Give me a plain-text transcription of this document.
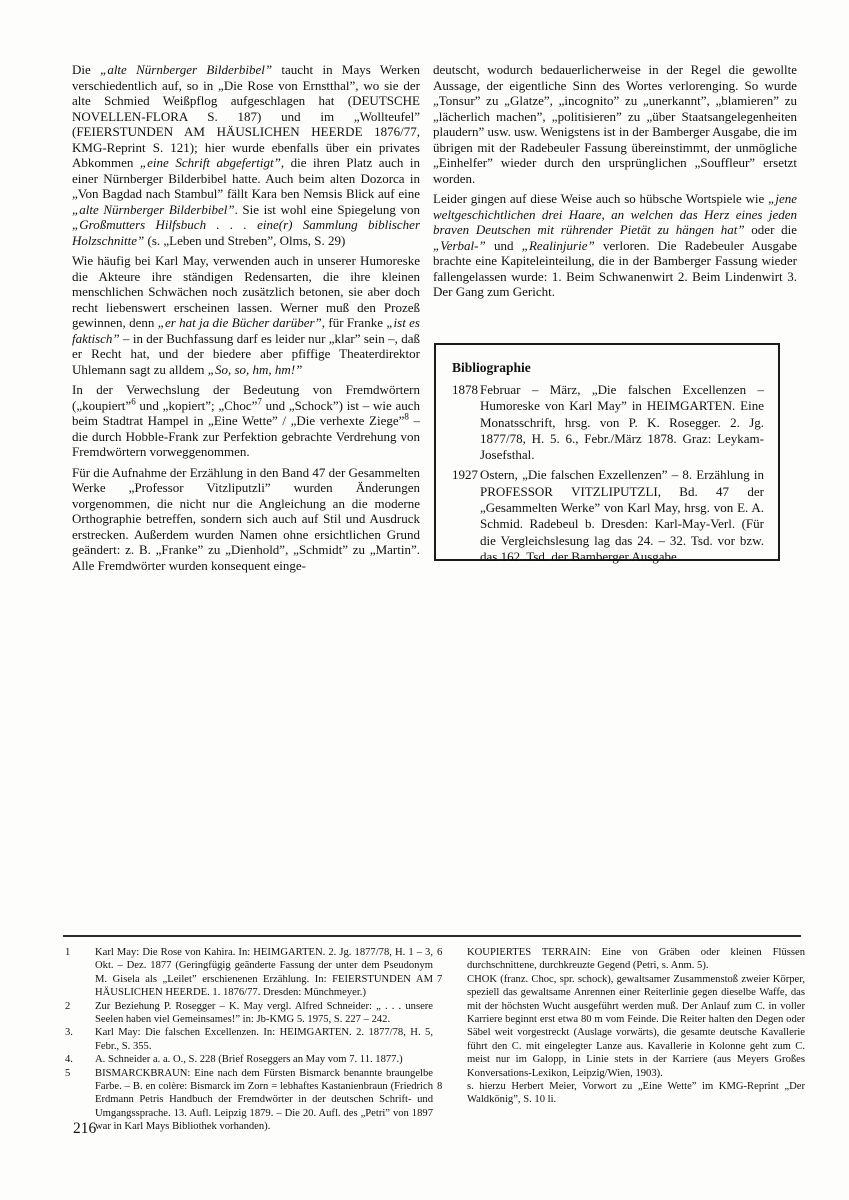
Die „alte Nürnberger Bilderbibel” taucht in Mays Werken verschiedentlich auf, so in „Die Rose von Ernstthal”, wo sie der alte Schmied Weißpflog aufgeschlagen hat (DEUTSCHE NOVELLEN-FLORA S. 187) und im „Wollteufel” (FEIERSTUNDEN AM HÄUSLICHEN HEERDE 1876/77, KMG-Reprint S. 121); hier wurde ebenfalls über ein privates Abkommen „eine Schrift abgefertigt”, die ihren Platz auch in einer Nürnberger Bilderbibel hatte. Auch beim alten Dozorca in „Von Bagdad nach Stambul” fällt Kara ben Nemsis Blick auf eine „alte Nürnberger Bilderbibel”. Sie ist wohl eine Spiegelung von „Großmutters Hilfsbuch . . . eine(r) Sammlung biblischer Holzschnitte” (s. „Leben und Streben”, Olms, S. 29)

Wie häufig bei Karl May, verwenden auch in unserer Humoreske die Akteure ihre ständigen Redensarten, die ihre kleinen menschlichen Schwächen noch zusätzlich betonen, sie aber doch recht liebenswert erscheinen lassen. Werner muß den Prozeß gewinnen, denn „er hat ja die Bücher darüber”, für Franke „ist es faktisch” – in der Buchfassung darf es leider nur „klar” sein –, daß er Recht hat, und der biedere aber pfiffige Theaterdirektor Uhlemann sagt zu alldem „So, so, hm, hm!”

In der Verwechslung der Bedeutung von Fremdwörtern („koupiert”$^6$ und „kopiert”; „Choc”$^7$ und „Schock”) ist – wie auch beim Stadtrat Hampel in „Eine Wette” / „Die verhexte Ziege”$^8$ – die durch Hobble-Frank zur Perfektion gebrachte Verdrehung von Fremdwörtern vorweggenommen.

Für die Aufnahme der Erzählung in den Band 47 der Gesammelten Werke „Professor Vitzliputzli” wurden Änderungen vorgenommen, die nicht nur die Angleichung an die moderne Orthographie betreffen, sondern sich auch auf Stil und Ausdruck erstrecken. Außerdem wurden Namen ohne ersichtlichen Grund geändert: z. B. „Franke” zu „Dienhold”, „Schmidt” zu „Martin”. Alle Fremdwörter wurden konsequent einge-

deutscht, wodurch bedauerlicherweise in der Regel die gewollte Aussage, der eigentliche Sinn des Wortes verlorenging. So wurde „Tonsur” zu „Glatze”, „incognito” zu „unerkannt”, „blamieren” zu „lächerlich machen”, „politisieren” zu „über Staatsangelegenheiten plaudern” usw. usw. Wenigstens ist in der Bamberger Ausgabe, die im übrigen mit der Radebeuler Fassung übereinstimmt, der unmögliche „Einhelfer” wieder durch den ursprünglichen „Souffleur” ersetzt worden.

Leider gingen auf diese Weise auch so hübsche Wortspiele wie „jene weltgeschichtlichen drei Haare, an welchen das Herz eines jeden braven Deutschen mit rührender Pietät zu hängen hat” oder die „Verbal-” und „Realinjurie” verloren. Die Radebeuler Ausgabe brachte eine Kapiteleinteilung, die in der Bamberger Fassung wieder fallengelassen wurde: 1. Beim Schwanenwirt 2. Beim Lindenwirt 3. Der Gang zum Gericht.

Bibliographie
1878 Februar – März, „Die falschen Excellenzen – Humoreske von Karl May” in HEIMGARTEN. Eine Monatsschrift, hrsg. von P. K. Rosegger. 2. Jg. 1877/78, H. 5. 6., Febr./März 1878. Graz: Leykam-Josefsthal.
1927 Ostern, „Die falschen Exzellenzen” – 8. Erzählung in PROFESSOR VITZLIPUTZLI, Bd. 47 der „Gesammelten Werke” von Karl May, hrsg. von E. A. Schmid. Radebeul b. Dresden: Karl-May-Verl. (Für die Vergleichslesung lag das 24. – 32. Tsd. vor bzw. das 162. Tsd. der Bamberger Ausgabe.
1	Karl May: Die Rose von Kahira. In: HEIMGARTEN. 2. Jg. 1877/78, H. 1 – 3, Okt. – Dez. 1877 (Geringfügig geänderte Fassung der unter dem Pseudonym M. Gisela als „Leilet” erschienenen Erzählung. In: FEIERSTUNDEN AM HÄUSLICHEN HEERDE. 1. 1876/77. Dresden: Münchmeyer.)
2	Zur Beziehung P. Rosegger – K. May vergl. Alfred Schneider: „ . . . unsere Seelen haben viel Gemeinsames!” in: Jb-KMG 5. 1975, S. 227 – 242.
3.	Karl May: Die falschen Excellenzen. In: HEIMGARTEN. 2. 1877/78, H. 5, Febr., S. 355.
4.	A. Schneider a. a. O., S. 228 (Brief Roseggers an May vom 7. 11. 1877.)
5	BISMARCKBRAUN: Eine nach dem Fürsten Bismarck benannte braungelbe Farbe. – B. en colère: Bismarck im Zorn = lebhaftes Kastanienbraun (Friedrich Erdmann Petris Handbuch der Fremdwörter in der deutschen Schrift- und Umgangssprache. 13. Aufl. Leipzig 1879. – Die 20. Aufl. des „Petri” von 1897 war in Karl Mays Bibliothek vorhanden).
6	KOUPIERTES TERRAIN: Eine von Gräben oder kleinen Flüssen durchschnittene, durchkreuzte Gegend (Petri, s. Anm. 5).
7	CHOK (franz. Choc, spr. schock), gewaltsamer Zusammenstoß zweier Körper, speziell das gewaltsame Anrennen einer Reiterlinie gegen dieselbe Waffe, das mit der höchsten Wucht ausgeführt werden muß. Der Anlauf zum C. in voller Karriere beginnt erst etwa 80 m vom Feinde. Die Reiter halten den Degen oder Säbel weit vorgestreckt (Auslage vorwärts), die gesamte deutsche Kavallerie führt den C. mit eingelegter Lanze aus. Kavallerie in Kolonne geht zum C. meist nur im Galopp, in Linie stets in der Karriere (aus Meyers Großes Konversations-Lexikon, Leipzig/Wien, 1903).
8	s. hierzu Herbert Meier, Vorwort zu „Eine Wette” im KMG-Reprint „Der Waldkönig”, S. 10 li.
216
